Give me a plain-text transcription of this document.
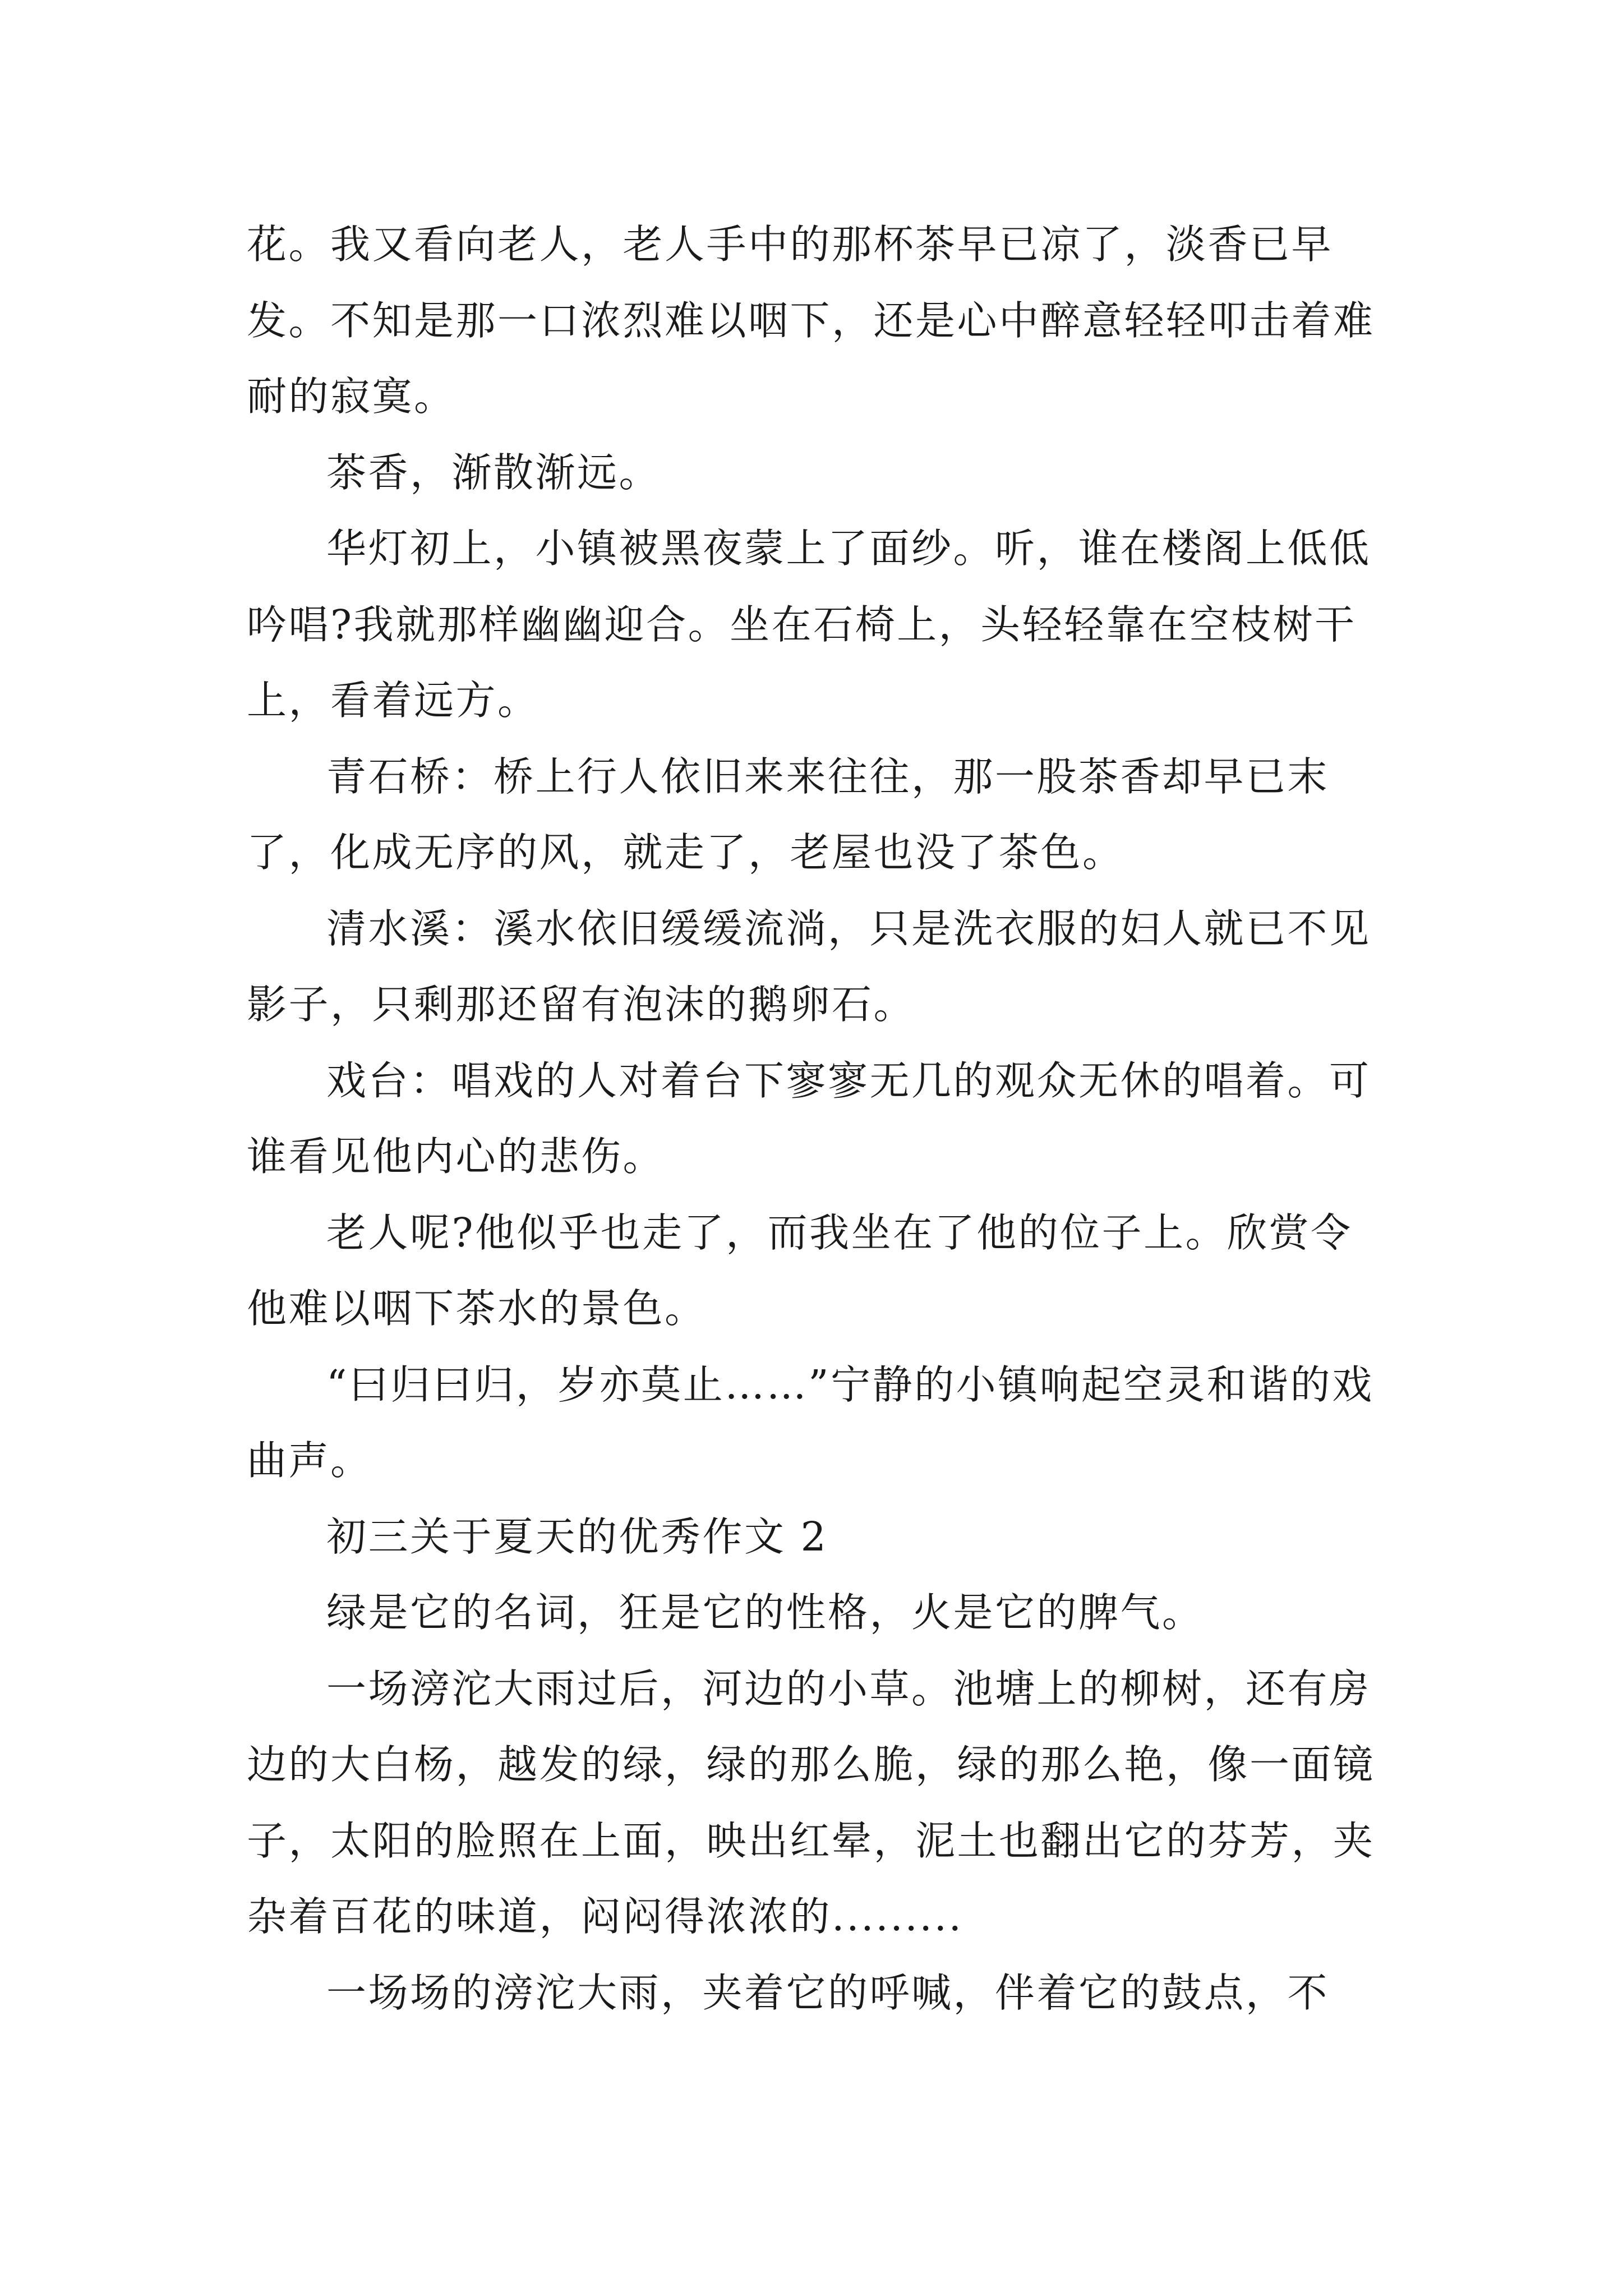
花。我又看向老人，老人手中的那杯茶早已凉了，淡香已早发。不知是那一口浓烈难以咽下，还是心中醉意轻轻叩击着难耐的寂寞。

茶香，渐散渐远。

华灯初上，小镇被黑夜蒙上了面纱。听，谁在楼阁上低低吟唱?我就那样幽幽迎合。坐在石椅上，头轻轻靠在空枝树干上，看着远方。

青石桥：桥上行人依旧来来往往，那一股茶香却早已末了，化成无序的风，就走了，老屋也没了茶色。

清水溪：溪水依旧缓缓流淌，只是洗衣服的妇人就已不见影子，只剩那还留有泡沫的鹅卵石。

戏台：唱戏的人对着台下寥寥无几的观众无休的唱着。可谁看见他内心的悲伤。

老人呢?他似乎也走了，而我坐在了他的位子上。欣赏令他难以咽下茶水的景色。

“曰归曰归，岁亦莫止……”宁静的小镇响起空灵和谐的戏曲声。

初三关于夏天的优秀作文 2

绿是它的名词，狂是它的性格，火是它的脾气。

一场滂沱大雨过后，河边的小草。池塘上的柳树，还有房边的大白杨，越发的绿，绿的那么脆，绿的那么艳，像一面镜子，太阳的脸照在上面，映出红晕，泥土也翻出它的芬芳，夹杂着百花的味道，闷闷得浓浓的.........

一场场的滂沱大雨，夹着它的呼喊，伴着它的鼓点，不
